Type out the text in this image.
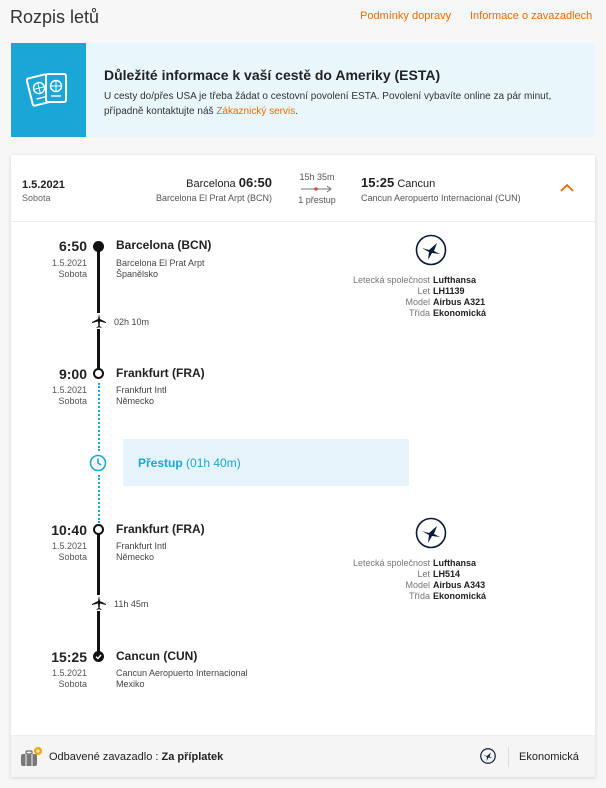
Rozpis letů	Podmínky dopravy Informace o zavazadlech
Důležité informace k vaší cestě do Ameriky (ESTA)
U cesty do/přes USA je třeba žádat o cestovní povolení ESTA. Povolení vybavíte online za pár minut, případně kontaktujte náš Zákaznický servis.
1.5.2021
Sobota
Barcelona 06:50
Barcelona El Prat Arpt (BCN)
15h 35m
1 přestup
15:25 Cancun
Cancun Aeropuerto Internacional (CUN)
6:50
1.5.2021
Sobota
Barcelona (BCN)
Barcelona El Prat Arpt
Španělsko
Letecká společnost
Let
Model
Třída
Lufthansa
LH1139
Airbus A321
Ekonomická
02h 10m
9:00
1.5.2021
Sobota
Frankfurt (FRA)
Frankfurt Intl
Německo
Přestup (01h 40m)
10:40
1.5.2021
Sobota
Frankfurt (FRA)
Frankfurt Intl
Německo
Letecká společnost
Let
Model
Třída
Lufthansa
LH514
Airbus A343
Ekonomická
11h 45m
15:25
1.5.2021
Sobota
Cancun (CUN)
Cancun Aeropuerto Internacional
Mexiko
Odbavené zavazadlo : Za příplatek	Ekonomická
